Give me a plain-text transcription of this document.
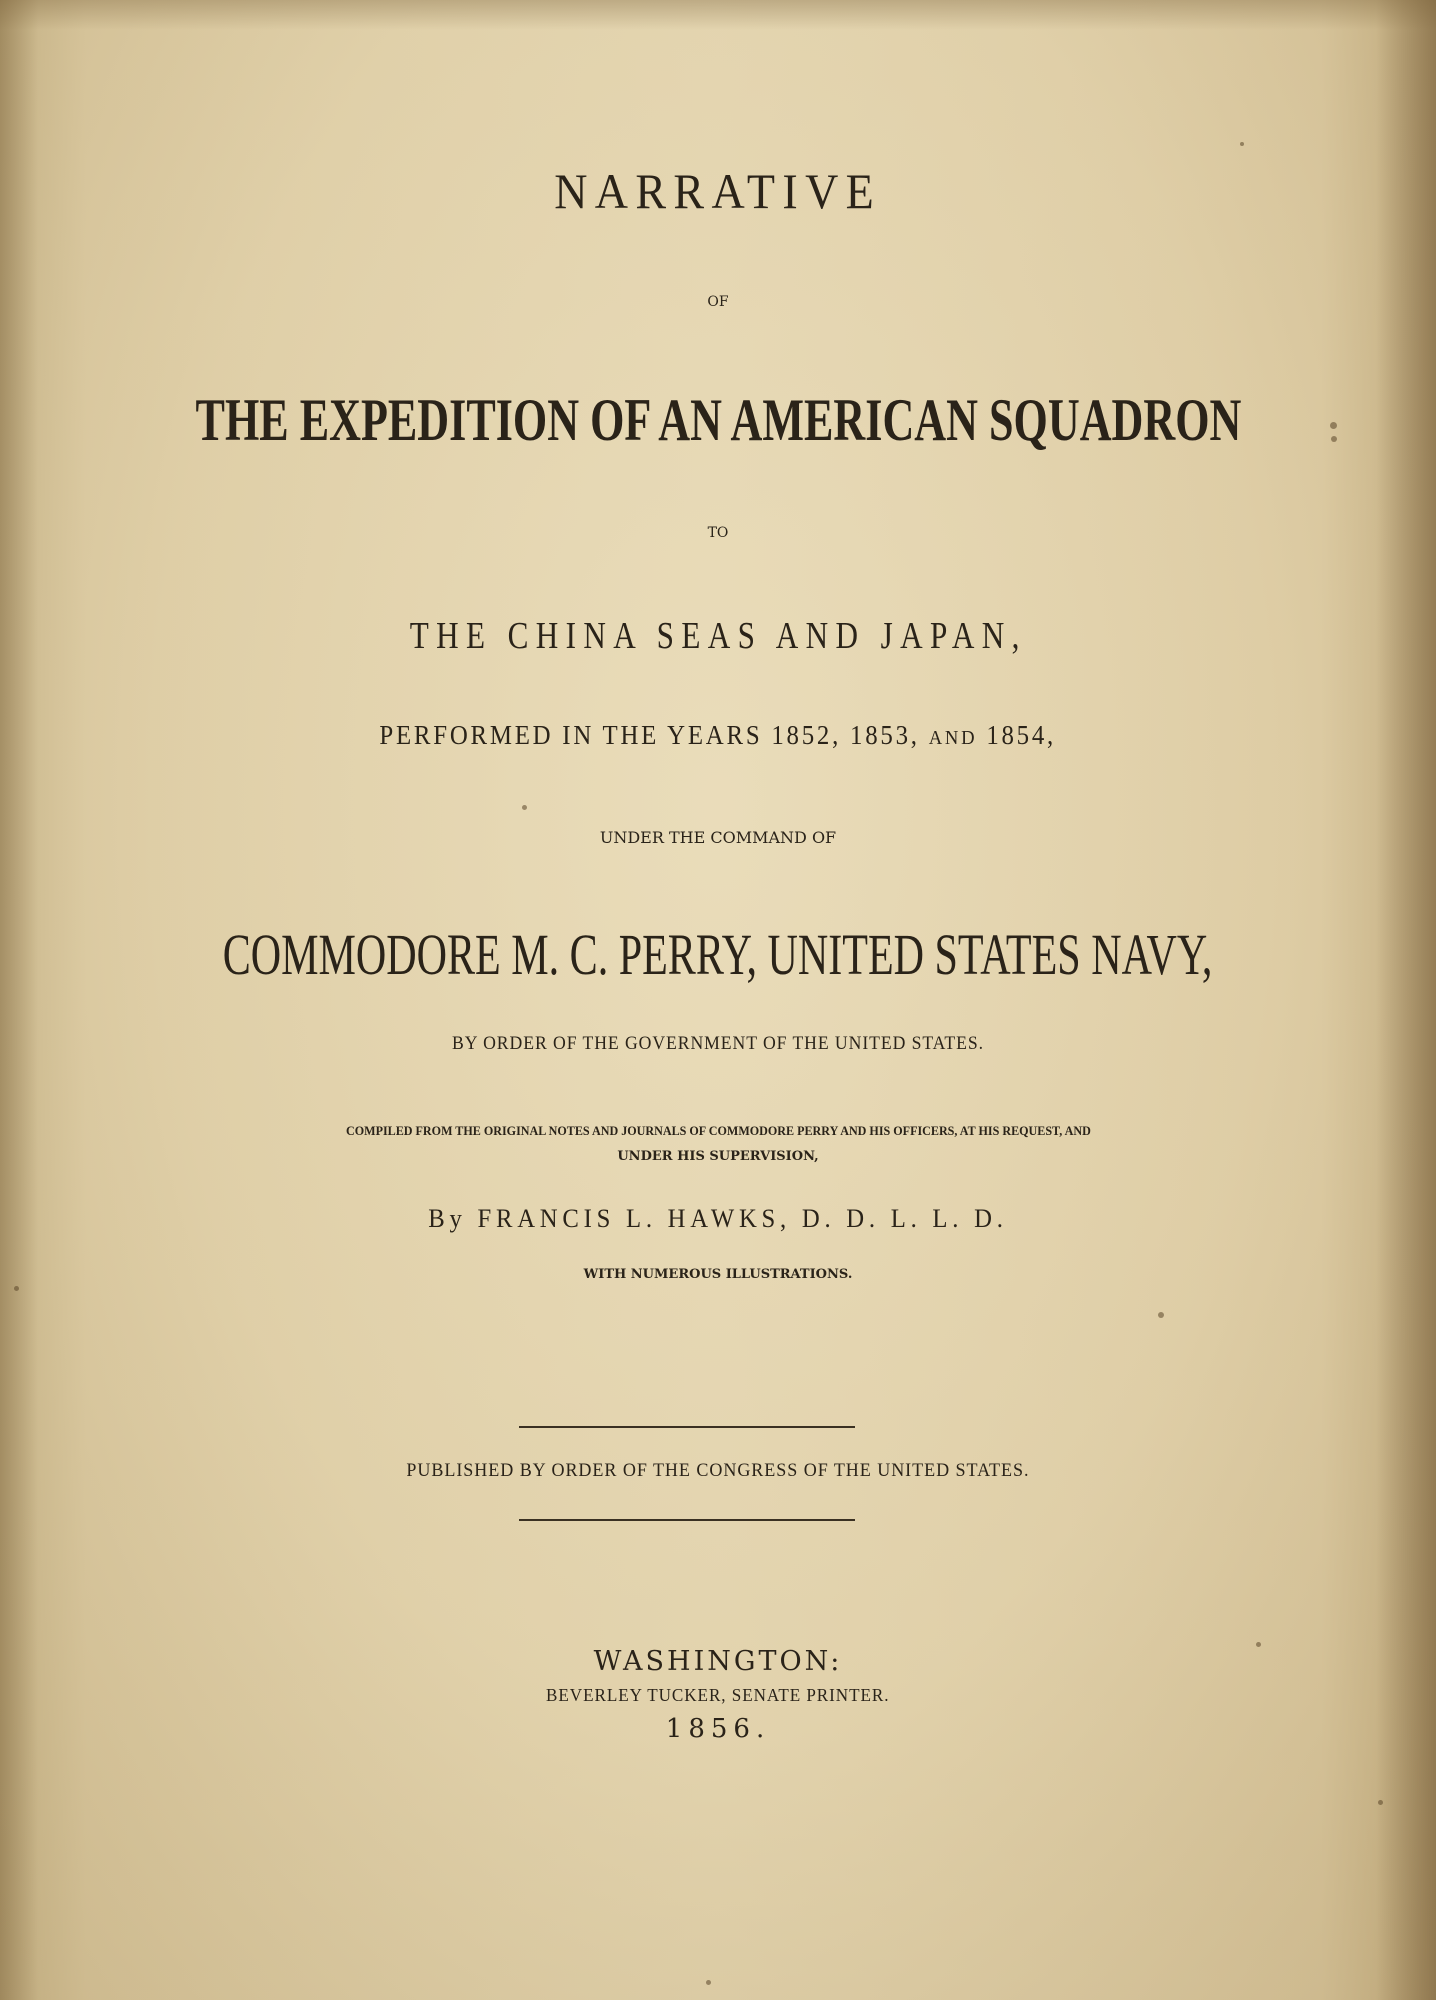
NARRATIVE
OF
THE EXPEDITION OF AN AMERICAN SQUADRON
TO
THE CHINA SEAS AND JAPAN,
PERFORMED IN THE YEARS 1852, 1853, AND 1854,
UNDER THE COMMAND OF
COMMODORE M. C. PERRY, UNITED STATES NAVY,
BY ORDER OF THE GOVERNMENT OF THE UNITED STATES.
COMPILED FROM THE ORIGINAL NOTES AND JOURNALS OF COMMODORE PERRY AND HIS OFFICERS, AT HIS REQUEST, AND
UNDER HIS SUPERVISION,
By FRANCIS L. HAWKS, D. D. L. L. D.
WITH NUMEROUS ILLUSTRATIONS.
PUBLISHED BY ORDER OF THE CONGRESS OF THE UNITED STATES.
WASHINGTON:
BEVERLEY TUCKER, SENATE PRINTER.
1856.
